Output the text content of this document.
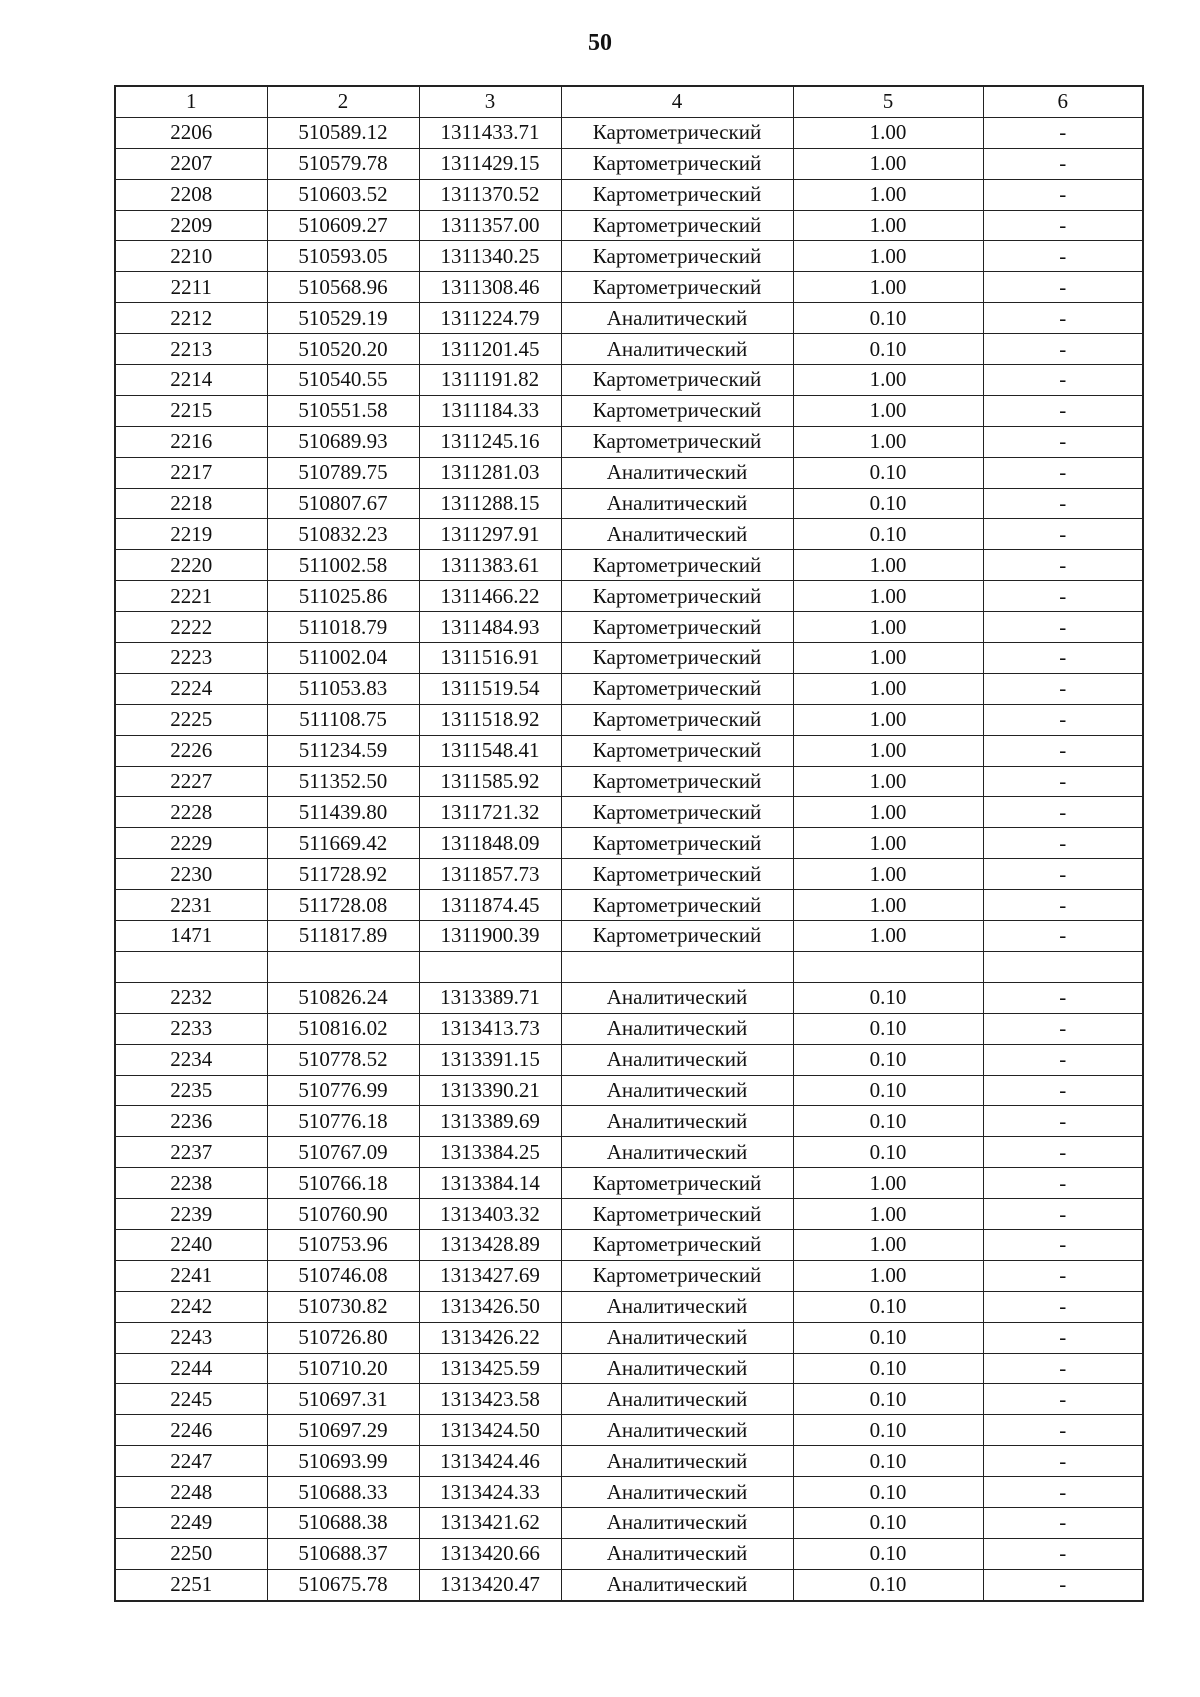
50
1	2	3	4	5	6
2206	510589.12	1311433.71	Картометрический	1.00	-
2207	510579.78	1311429.15	Картометрический	1.00	-
2208	510603.52	1311370.52	Картометрический	1.00	-
2209	510609.27	1311357.00	Картометрический	1.00	-
2210	510593.05	1311340.25	Картометрический	1.00	-
2211	510568.96	1311308.46	Картометрический	1.00	-
2212	510529.19	1311224.79	Аналитический	0.10	-
2213	510520.20	1311201.45	Аналитический	0.10	-
2214	510540.55	1311191.82	Картометрический	1.00	-
2215	510551.58	1311184.33	Картометрический	1.00	-
2216	510689.93	1311245.16	Картометрический	1.00	-
2217	510789.75	1311281.03	Аналитический	0.10	-
2218	510807.67	1311288.15	Аналитический	0.10	-
2219	510832.23	1311297.91	Аналитический	0.10	-
2220	511002.58	1311383.61	Картометрический	1.00	-
2221	511025.86	1311466.22	Картометрический	1.00	-
2222	511018.79	1311484.93	Картометрический	1.00	-
2223	511002.04	1311516.91	Картометрический	1.00	-
2224	511053.83	1311519.54	Картометрический	1.00	-
2225	511108.75	1311518.92	Картометрический	1.00	-
2226	511234.59	1311548.41	Картометрический	1.00	-
2227	511352.50	1311585.92	Картометрический	1.00	-
2228	511439.80	1311721.32	Картометрический	1.00	-
2229	511669.42	1311848.09	Картометрический	1.00	-
2230	511728.92	1311857.73	Картометрический	1.00	-
2231	511728.08	1311874.45	Картометрический	1.00	-
1471	511817.89	1311900.39	Картометрический	1.00	-

2232	510826.24	1313389.71	Аналитический	0.10	-
2233	510816.02	1313413.73	Аналитический	0.10	-
2234	510778.52	1313391.15	Аналитический	0.10	-
2235	510776.99	1313390.21	Аналитический	0.10	-
2236	510776.18	1313389.69	Аналитический	0.10	-
2237	510767.09	1313384.25	Аналитический	0.10	-
2238	510766.18	1313384.14	Картометрический	1.00	-
2239	510760.90	1313403.32	Картометрический	1.00	-
2240	510753.96	1313428.89	Картометрический	1.00	-
2241	510746.08	1313427.69	Картометрический	1.00	-
2242	510730.82	1313426.50	Аналитический	0.10	-
2243	510726.80	1313426.22	Аналитический	0.10	-
2244	510710.20	1313425.59	Аналитический	0.10	-
2245	510697.31	1313423.58	Аналитический	0.10	-
2246	510697.29	1313424.50	Аналитический	0.10	-
2247	510693.99	1313424.46	Аналитический	0.10	-
2248	510688.33	1313424.33	Аналитический	0.10	-
2249	510688.38	1313421.62	Аналитический	0.10	-
2250	510688.37	1313420.66	Аналитический	0.10	-
2251	510675.78	1313420.47	Аналитический	0.10	-
